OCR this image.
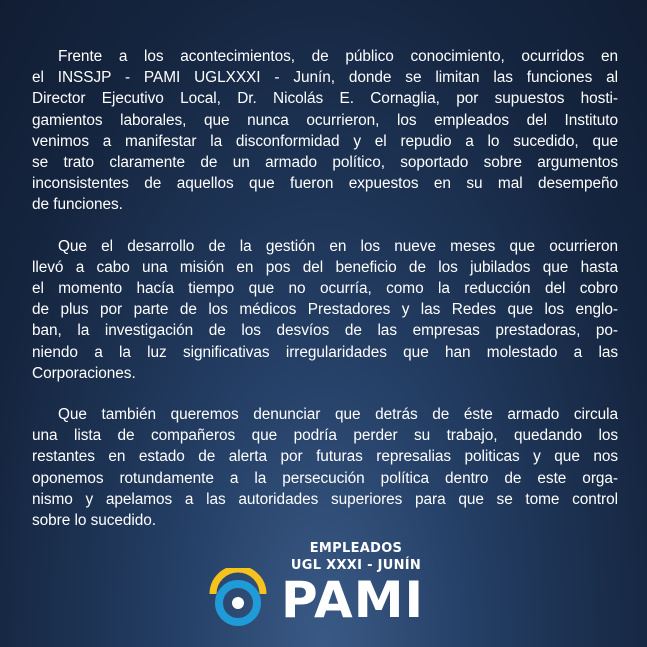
Frente a los acontecimientos, de público conocimiento, ocurridos en
el INSSJP - PAMI UGLXXXI - Junín, donde se limitan las funciones al
Director Ejecutivo Local, Dr. Nicolás E. Cornaglia, por supuestos hosti-
gamientos laborales, que nunca ocurrieron, los empleados del Instituto
venimos a manifestar la disconformidad y el repudio a lo sucedido, que
se trato claramente de un armado político, soportado sobre argumentos
inconsistentes de aquellos que fueron expuestos en su mal desempeño
de funciones.

Que el desarrollo de la gestión en los nueve meses que ocurrieron
llevó a cabo una misión en pos del beneficio de los jubilados que hasta
el momento hacía tiempo que no ocurría, como la reducción del cobro
de plus por parte de los médicos Prestadores y las Redes que los englo-
ban, la investigación de los desvíos de las empresas prestadoras, po-
niendo a la luz significativas irregularidades que han molestado a las
Corporaciones.

Que también queremos denunciar que detrás de éste armado circula
una lista de compañeros que podría perder su trabajo, quedando los
restantes en estado de alerta por futuras represalias politicas y que nos
oponemos rotundamente a la persecución política dentro de este orga-
nismo y apelamos a las autoridades superiores para que se tome control
sobre lo sucedido.

EMPLEADOS
UGL XXXI - JUNÍN
PAMI
